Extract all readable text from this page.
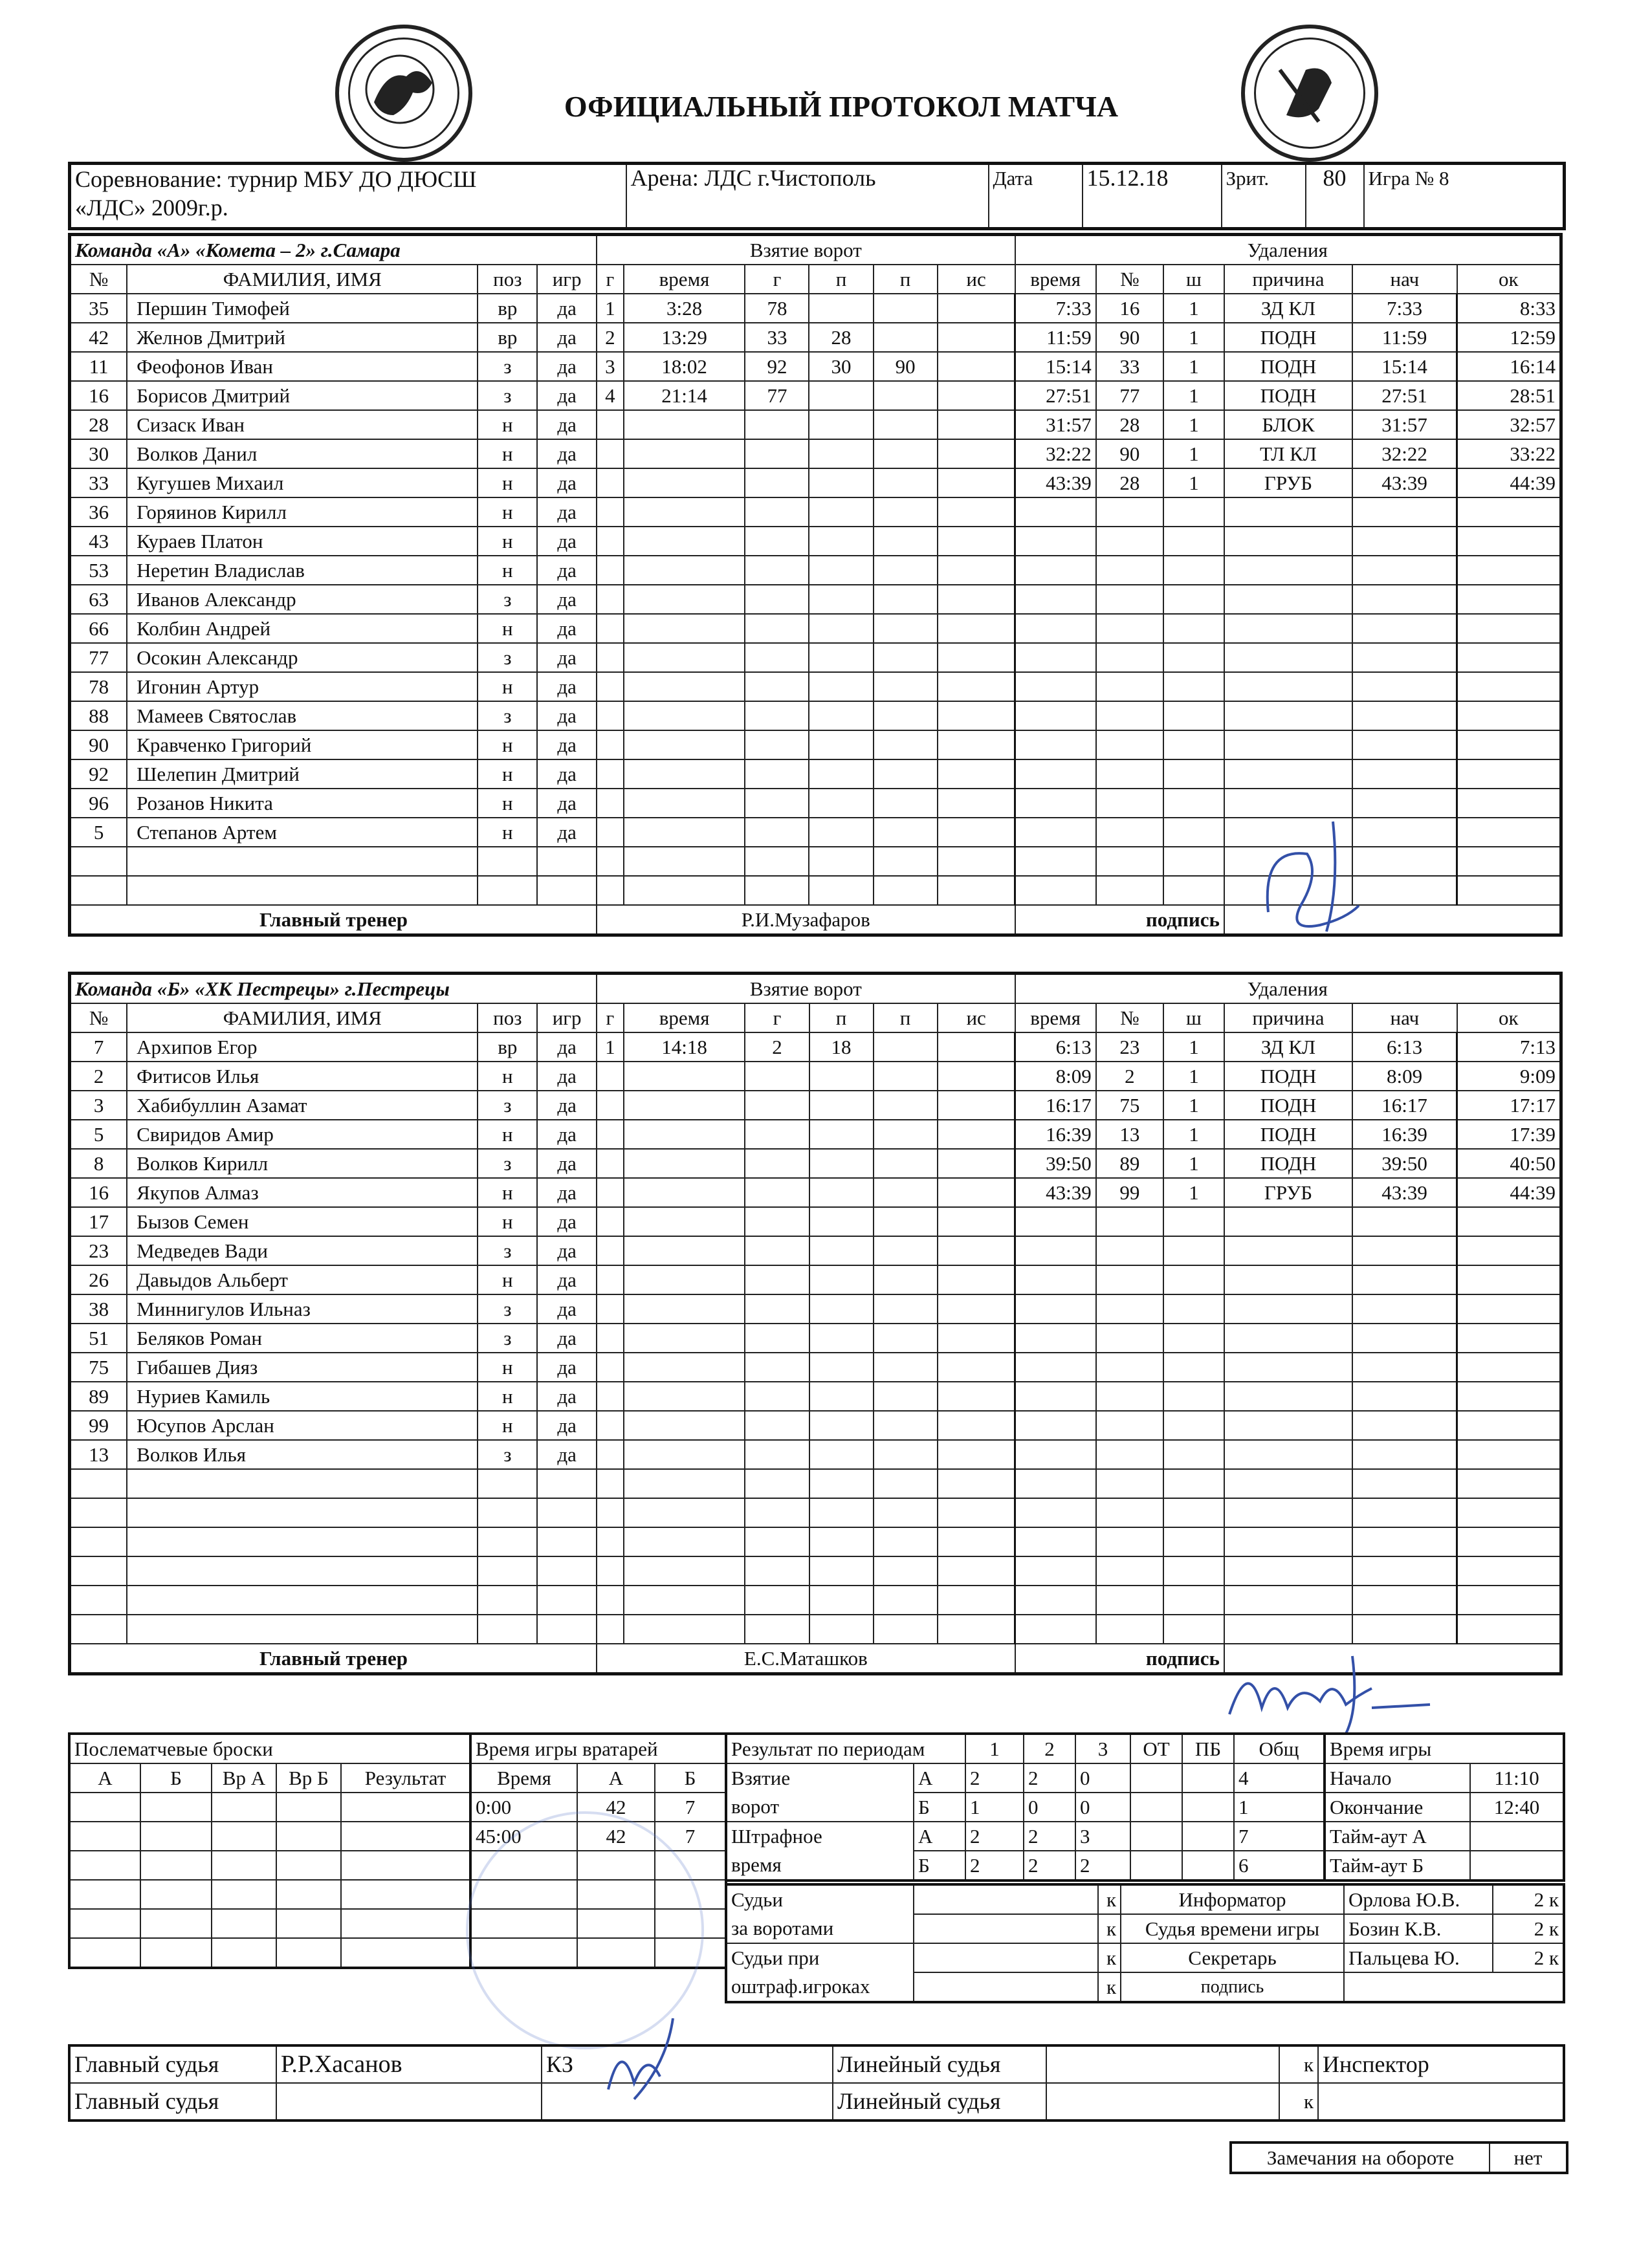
ОФИЦИАЛЬНЫЙ ПРОТОКОЛ МАТЧА
Соревнование: турнир МБУ ДО ДЮСШ
«ЛДС» 2009г.р.	Арена: ЛДС г.Чистополь	Дата	15.12.18	Зрит.	80	Игра № 8
Команда «А» «Комета – 2» г.Самара				Взятие ворот						Удаления					
№	ФАМИЛИЯ, ИМЯ	поз	игр	г	время	г	п	п	ис	время	№	ш	причина	нач	ок
35	Першин Тимофей	вр	да	1	3:28	78				7:33	16	1	ЗД КЛ	7:33	8:33
42	Желнов Дмитрий	вр	да	2	13:29	33	28			11:59	90	1	ПОДН	11:59	12:59
11	Феофонов Иван	з	да	3	18:02	92	30	90		15:14	33	1	ПОДН	15:14	16:14
16	Борисов Дмитрий	з	да	4	21:14	77				27:51	77	1	ПОДН	27:51	28:51
28	Сизаск Иван	н	да							31:57	28	1	БЛОК	31:57	32:57
30	Волков Данил	н	да							32:22	90	1	ТЛ КЛ	32:22	33:22
33	Кугушев Михаил	н	да							43:39	28	1	ГРУБ	43:39	44:39
36	Горяинов Кирилл	н	да												
43	Кураев Платон	н	да												
53	Неретин Владислав	н	да												
63	Иванов Александр	з	да												
66	Колбин Андрей	н	да												
77	Осокин Александр	з	да												
78	Игонин Артур	н	да												
88	Мамеев Святослав	з	да												
90	Кравченко Григорий	н	да												
92	Шелепин Дмитрий	н	да												
96	Розанов Никита	н	да												
5	Степанов Артем	н	да												

Главный тренер				Р.И.Музафаров						подпись					
Команда «Б» «ХК Пестрецы» г.Пестрецы				Взятие ворот						Удаления					
№	ФАМИЛИЯ, ИМЯ	поз	игр	г	время	г	п	п	ис	время	№	ш	причина	нач	ок
7	Архипов Егор	вр	да	1	14:18	2	18			6:13	23	1	ЗД КЛ	6:13	7:13
2	Фитисов Илья	н	да							8:09	2	1	ПОДН	8:09	9:09
3	Хабибуллин Азамат	з	да							16:17	75	1	ПОДН	16:17	17:17
5	Свиридов Амир	н	да							16:39	13	1	ПОДН	16:39	17:39
8	Волков Кирилл	з	да							39:50	89	1	ПОДН	39:50	40:50
16	Якупов Алмаз	н	да							43:39	99	1	ГРУБ	43:39	44:39
17	Бызов Семен	н	да												
23	Медведев Вади	з	да												
26	Давыдов Альберт	н	да												
38	Миннигулов Ильназ	з	да												
51	Беляков Роман	з	да												
75	Гибашев Дияз	н	да												
89	Нуриев Камиль	н	да												
99	Юсупов Арслан	н	да												
13	Волков Илья	з	да												

Главный тренер				Е.С.Маташков						подпись					
Послематчевые броски				
А	Б	Вр А	Вр Б	Результат

Время игры вратарей		
Время	А	Б
0:00	42	7
45:00	42	7

Результат по периодам		1	2	3	ОТ	ПБ	Общ
Взятие
ворот	А	2	2	0			4
	Б	1	0	0			1
Штрафное
время	А	2	2	3			7
	Б	2	2	2			6
Время игры	
Начало	11:10
Окончание	12:40
Тайм-аут А	
Тайм-аут Б	
Судьи
за воротами		к	Информатор	Орлова Ю.В.	2 к
		к	Судья времени игры	Бозин К.В.	2 к
Судьи при
оштраф.игроках		к	Секретарь	Пальцева Ю.	2 к
		к	подпись		
Главный судья	Р.Р.Хасанов	КЗ	Линейный судья		к	Инспектор
Главный судья			Линейный судья		к	
Замечания на обороте	нет
